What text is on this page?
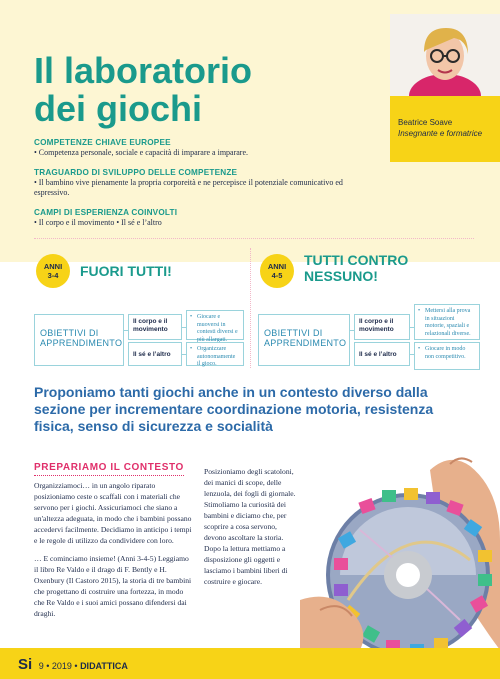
Il laboratorio
dei giochi	Beatrice Soave
Insegnante e formatrice
COMPETENZE CHIAVE EUROPEE
• Competenza personale, sociale e capacità di imparare a imparare.
TRAGUARDO DI SVILUPPO DELLE COMPETENZE
• Il bambino vive pienamente la propria corporeità e ne percepisce il potenziale comunicativo ed espressivo.
CAMPI DI ESPERIENZA COINVOLTI
• Il corpo e il movimento • Il sé e l’altro
ANNI
3-4	FUORI TUTTI!
OBIETTIVI DI APPRENDIMENTO
Il corpo e il movimento
Il sé e l’altro
• Giocare e muoversi in contesti diversi e più allargati.
• Organizzare autonomamente il gioco.
ANNI
4-5
TUTTI CONTRO NESSUNO!
OBIETTIVI DI APPRENDIMENTO
Il corpo e il movimento
Il sé e l’altro
• Mettersi alla prova in situazioni motorie, spaziali e relazionali diverse.
• Giocare in modo non competitivo.

Proponiamo tanti giochi anche in un contesto diverso dalla sezione per incrementare coordinazione motoria, resistenza fisica, senso di sicurezza e socialità

PREPARIAMO IL CONTESTO

Organizziamoci… in un angolo riparato posizioniamo ceste o scaffali con i materiali che servono per i giochi. Assicuriamoci che siano a un'altezza adeguata, in modo che i bambini possano accedervi facilmente. Decidiamo in anticipo i tempi e le regole di utilizzo da condividere con loro.

… E cominciamo insieme! (Anni 3-4-5) Leggiamo il libro Re Valdo e il drago di F. Bently e H. Oxenbury (Il Castoro 2015), la storia di tre bambini che progettano di costruire una fortezza, in modo che Re Valdo e i suoi amici possano difendersi dai draghi.

Posizioniamo degli scatoloni, dei manici di scope, delle lenzuola, dei fogli di giornale. Stimoliamo la curiosità dei bambini e diciamo che, per scoprire a cosa servono, devono ascoltare la storia. Dopo la lettura mettiamo a disposizione gli oggetti e lasciamo i bambini liberi di costruire e giocare.

Si 9 • 2019 • DIDATTICA
